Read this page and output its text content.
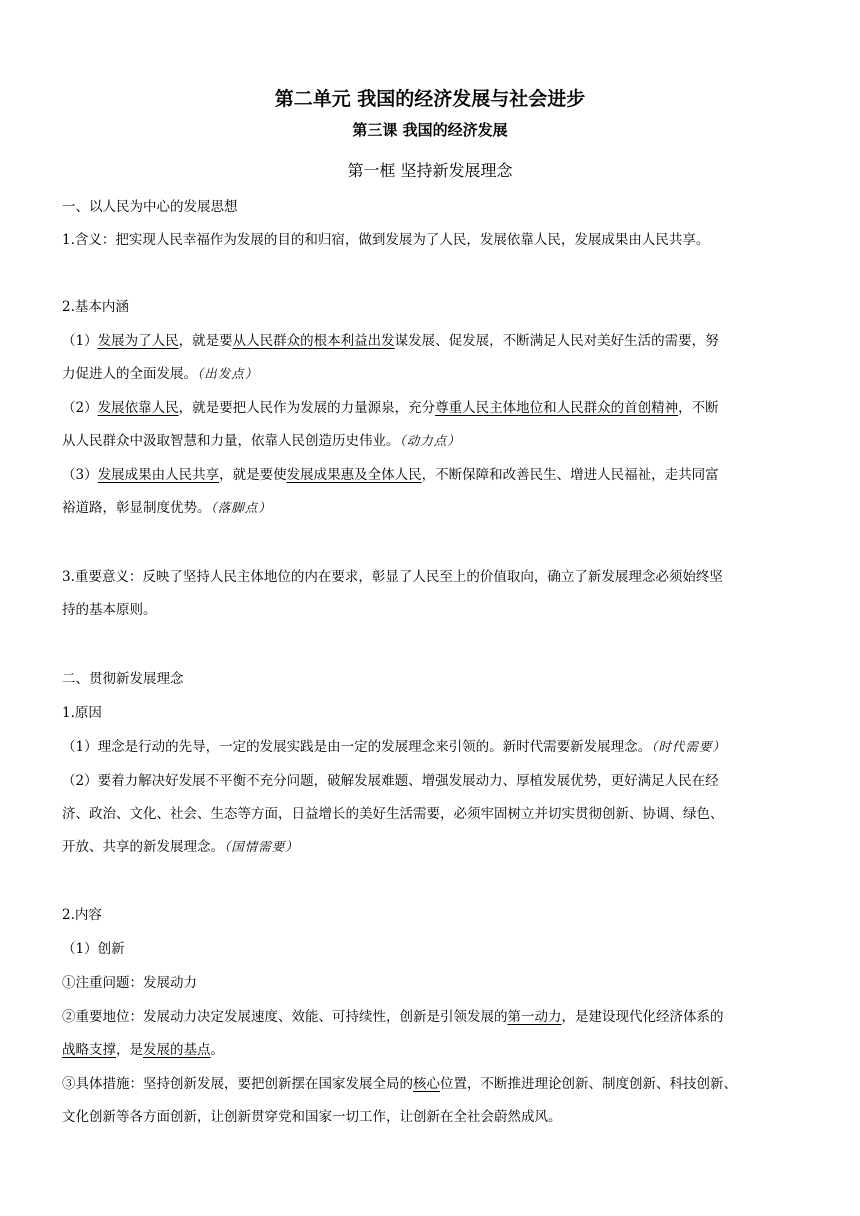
第二单元 我国的经济发展与社会进步
第三课 我国的经济发展
第一框 坚持新发展理念
一、以人民为中心的发展思想
1.含义：把实现人民幸福作为发展的目的和归宿，做到发展为了人民，发展依靠人民，发展成果由人民共享。
2.基本内涵
（1）发展为了人民，就是要从人民群众的根本利益出发谋发展、促发展，不断满足人民对美好生活的需要，努
力促进人的全面发展。（出发点）
（2）发展依靠人民，就是要把人民作为发展的力量源泉，充分尊重人民主体地位和人民群众的首创精神，不断
从人民群众中汲取智慧和力量，依靠人民创造历史伟业。（动力点）
（3）发展成果由人民共享，就是要使发展成果惠及全体人民，不断保障和改善民生、增进人民福祉，走共同富
裕道路，彰显制度优势。（落脚点）
3.重要意义：反映了坚持人民主体地位的内在要求，彰显了人民至上的价值取向，确立了新发展理念必须始终坚
持的基本原则。
二、贯彻新发展理念
1.原因
（1）理念是行动的先导，一定的发展实践是由一定的发展理念来引领的。新时代需要新发展理念。（时代需要）
（2）要着力解决好发展不平衡不充分问题，破解发展难题、增强发展动力、厚植发展优势，更好满足人民在经
济、政治、文化、社会、生态等方面，日益增长的美好生活需要，必须牢固树立并切实贯彻创新、协调、绿色、
开放、共享的新发展理念。（国情需要）
2.内容
（1）创新
①注重问题：发展动力
②重要地位：发展动力决定发展速度、效能、可持续性，创新是引领发展的第一动力，是建设现代化经济体系的
战略支撑，是发展的基点。
③具体措施：坚持创新发展，要把创新摆在国家发展全局的核心位置，不断推进理论创新、制度创新、科技创新、
文化创新等各方面创新，让创新贯穿党和国家一切工作，让创新在全社会蔚然成风。
